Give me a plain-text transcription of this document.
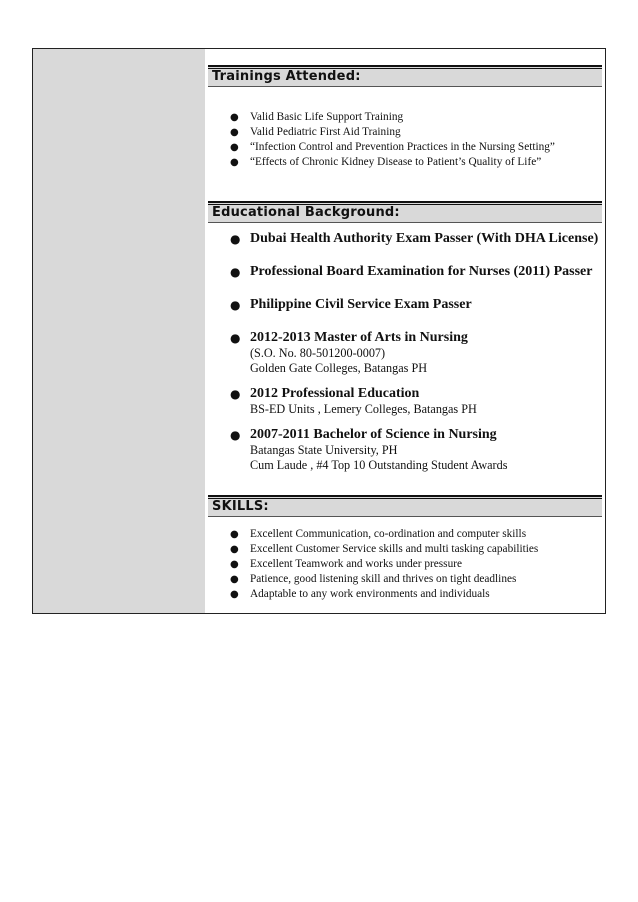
Trainings Attended:
● Valid Basic Life Support Training
● Valid Pediatric First Aid Training
● “Infection Control and Prevention Practices in the Nursing Setting”
● “Effects of Chronic Kidney Disease to Patient’s Quality of Life”
Educational Background:
● Dubai Health Authority Exam Passer (With DHA License)
● Professional Board Examination for Nurses (2011) Passer
● Philippine Civil Service Exam Passer
● 2012-2013 Master of Arts in Nursing
(S.O. No. 80-501200-0007)
Golden Gate Colleges, Batangas PH
● 2012 Professional Education
BS-ED Units , Lemery Colleges, Batangas PH
● 2007-2011 Bachelor of Science in Nursing
Batangas State University, PH
Cum Laude , #4 Top 10 Outstanding Student Awards
SKILLS:
● Excellent Communication, co-ordination and computer skills
● Excellent Customer Service skills and multi tasking capabilities
● Excellent Teamwork and works under pressure
● Patience, good listening skill and thrives on tight deadlines
● Adaptable to any work environments and individuals
